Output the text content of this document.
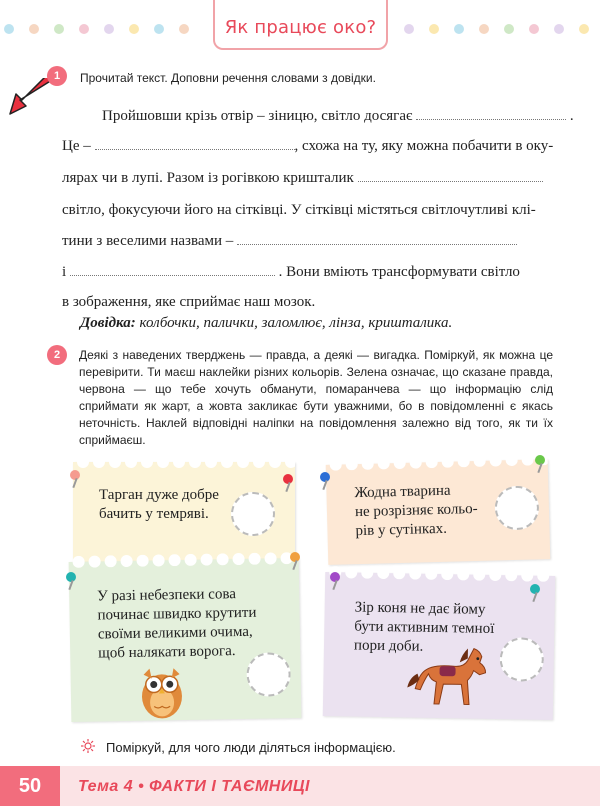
Як працює око?
1	Прочитай текст. Доповни речення словами з довідки.
Пройшовши крізь отвір – зіницю, світло досягає	.
Це –	, схожа на ту, яку можна побачити в оку-
лярах чи в лупі. Разом із рогівкою кришталик
світло, фокусуючи його на сітківці. У сітківці містяться світлочутливі клі-
тини з веселими назвами –
і	. Вони вміють трансформувати світло
в зображення, яке сприймає наш мозок.
Довідка: колбочки, палички, заломлює, лінза, кришталика.
2	Деякі з наведених тверджень — правда, а деякі — вигадка. Поміркуй, як можна це перевірити. Ти маєш наклейки різних кольорів. Зелена означає, що сказане правда, червона — що тебе хочуть обманути, помаранчева — що інформацію слід сприймати як жарт, а жовта закликає бути уважними, бо в повідомленні є якась неточність. Наклей відповідні наліпки на повідомлення залежно від того, як ти їх сприймаєш.
Тарган дуже добре
бачить у темряві.
Жодна тварина
не розрізняє кольо-
рів у сутінках.
У разі небезпеки сова
починає швидко крутити
своїми великими очима,
щоб налякати ворога.
Зір коня не дає йому
бути активним темної
пори доби.
Поміркуй, для чого люди діляться інформацією.
50	Тема 4 • ФАКТИ І ТАЄМНИЦІ
